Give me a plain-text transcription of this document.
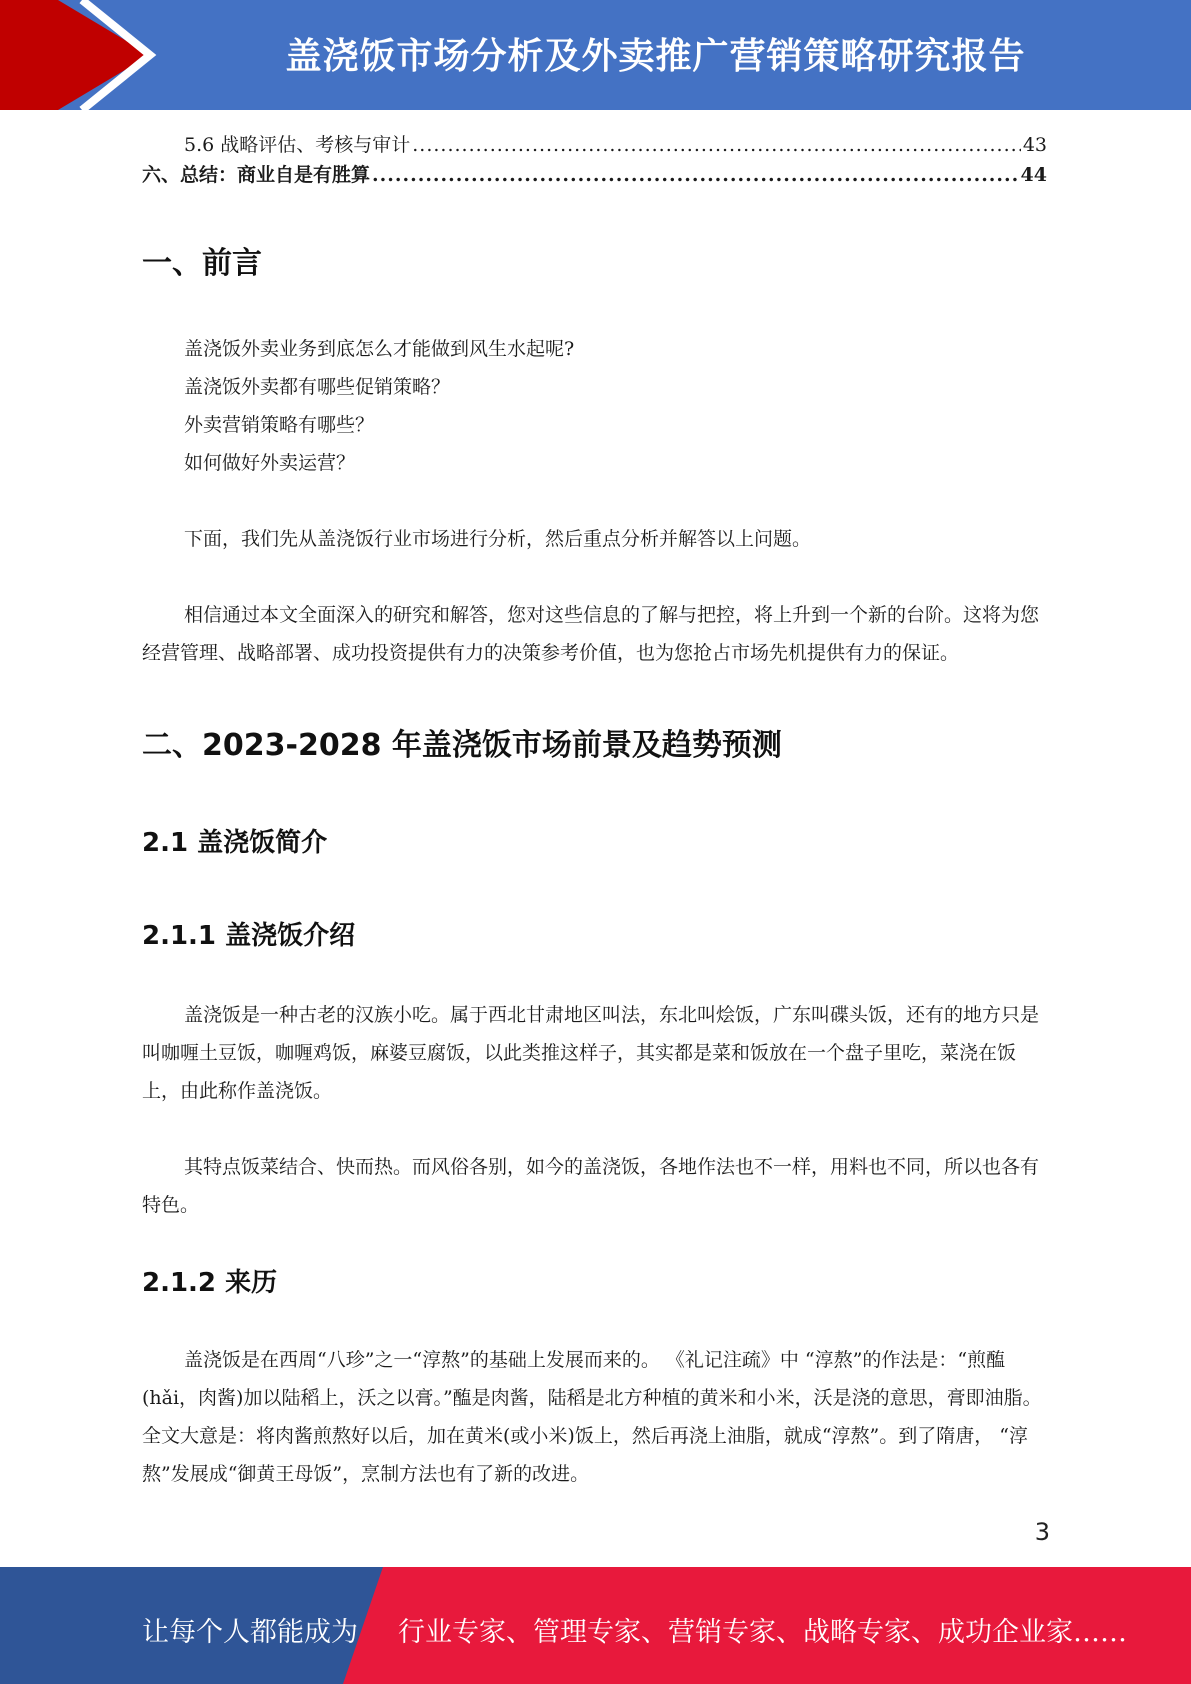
盖浇饭市场分析及外卖推广营销策略研究报告
5.6 战略评估、考核与审计 .....	43
六、总结：商业自是有胜算 .....	44
一、前言
盖浇饭外卖业务到底怎么才能做到风生水起呢?
盖浇饭外卖都有哪些促销策略？
外卖营销策略有哪些？
如何做好外卖运营？

下面，我们先从盖浇饭行业市场进行分析，然后重点分析并解答以上问题。

相信通过本文全面深入的研究和解答，您对这些信息的了解与把控，将上升到一个新的台阶。这将为您经营管理、战略部署、成功投资提供有力的决策参考价值，也为您抢占市场先机提供有力的保证。

二、2023-2028 年盖浇饭市场前景及趋势预测
2.1 盖浇饭简介
2.1.1 盖浇饭介绍

盖浇饭是一种古老的汉族小吃。属于西北甘肃地区叫法，东北叫烩饭，广东叫碟头饭，还有的地方只是叫咖喱土豆饭，咖喱鸡饭，麻婆豆腐饭，以此类推这样子，其实都是菜和饭放在一个盘子里吃，菜浇在饭上，由此称作盖浇饭。

其特点饭菜结合、快而热。而风俗各别，如今的盖浇饭，各地作法也不一样，用料也不同，所以也各有特色。

2.1.2 来历

盖浇饭是在西周“八珍”之一“淳熬”的基础上发展而来的。 《礼记注疏》中 “淳熬”的作法是：“煎醢(hǎi，肉酱)加以陆稻上，沃之以膏。”醢是肉酱，陆稻是北方种植的黄米和小米，沃是浇的意思，膏即油脂。全文大意是：将肉酱煎熬好以后，加在黄米(或小米)饭上，然后再浇上油脂，就成“淳熬”。到了隋唐， “淳熬”发展成“御黄王母饭”，烹制方法也有了新的改进。

3
让每个人都能成为 行业专家、管理专家、营销专家、战略专家、成功企业家……
